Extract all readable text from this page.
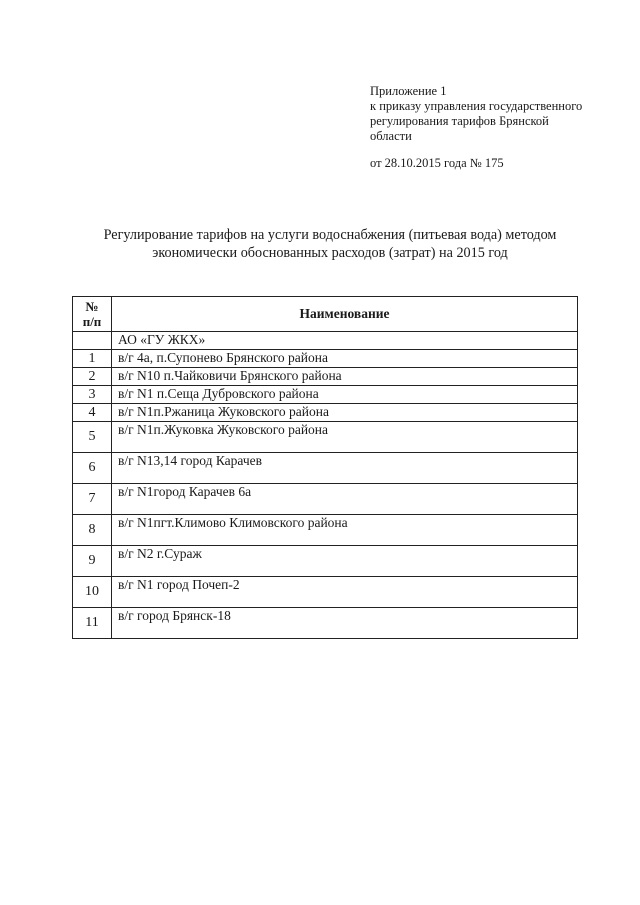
Приложение 1
к приказу управления государственного
регулирования тарифов Брянской
области
от 28.10.2015 года № 175
Регулирование тарифов на услуги водоснабжения (питьевая вода) методом
экономически обоснованных расходов (затрат) на 2015 год
№
п/п	Наименование
	АО «ГУ ЖКХ»
1	в/г 4а, п.Супонево Брянского района
2	в/г N10 п.Чайковичи Брянского района
3	в/г N1 п.Сеща Дубровского района
4	в/г N1п.Ржаница Жуковского района
5	в/г N1п.Жуковка Жуковского района
6	в/г N13,14 город Карачев
7	в/г N1город Карачев 6а
8	в/г N1пгт.Климово Климовского района
9	в/г N2 г.Сураж
10	в/г N1 город Почеп-2
11	в/г город Брянск-18
